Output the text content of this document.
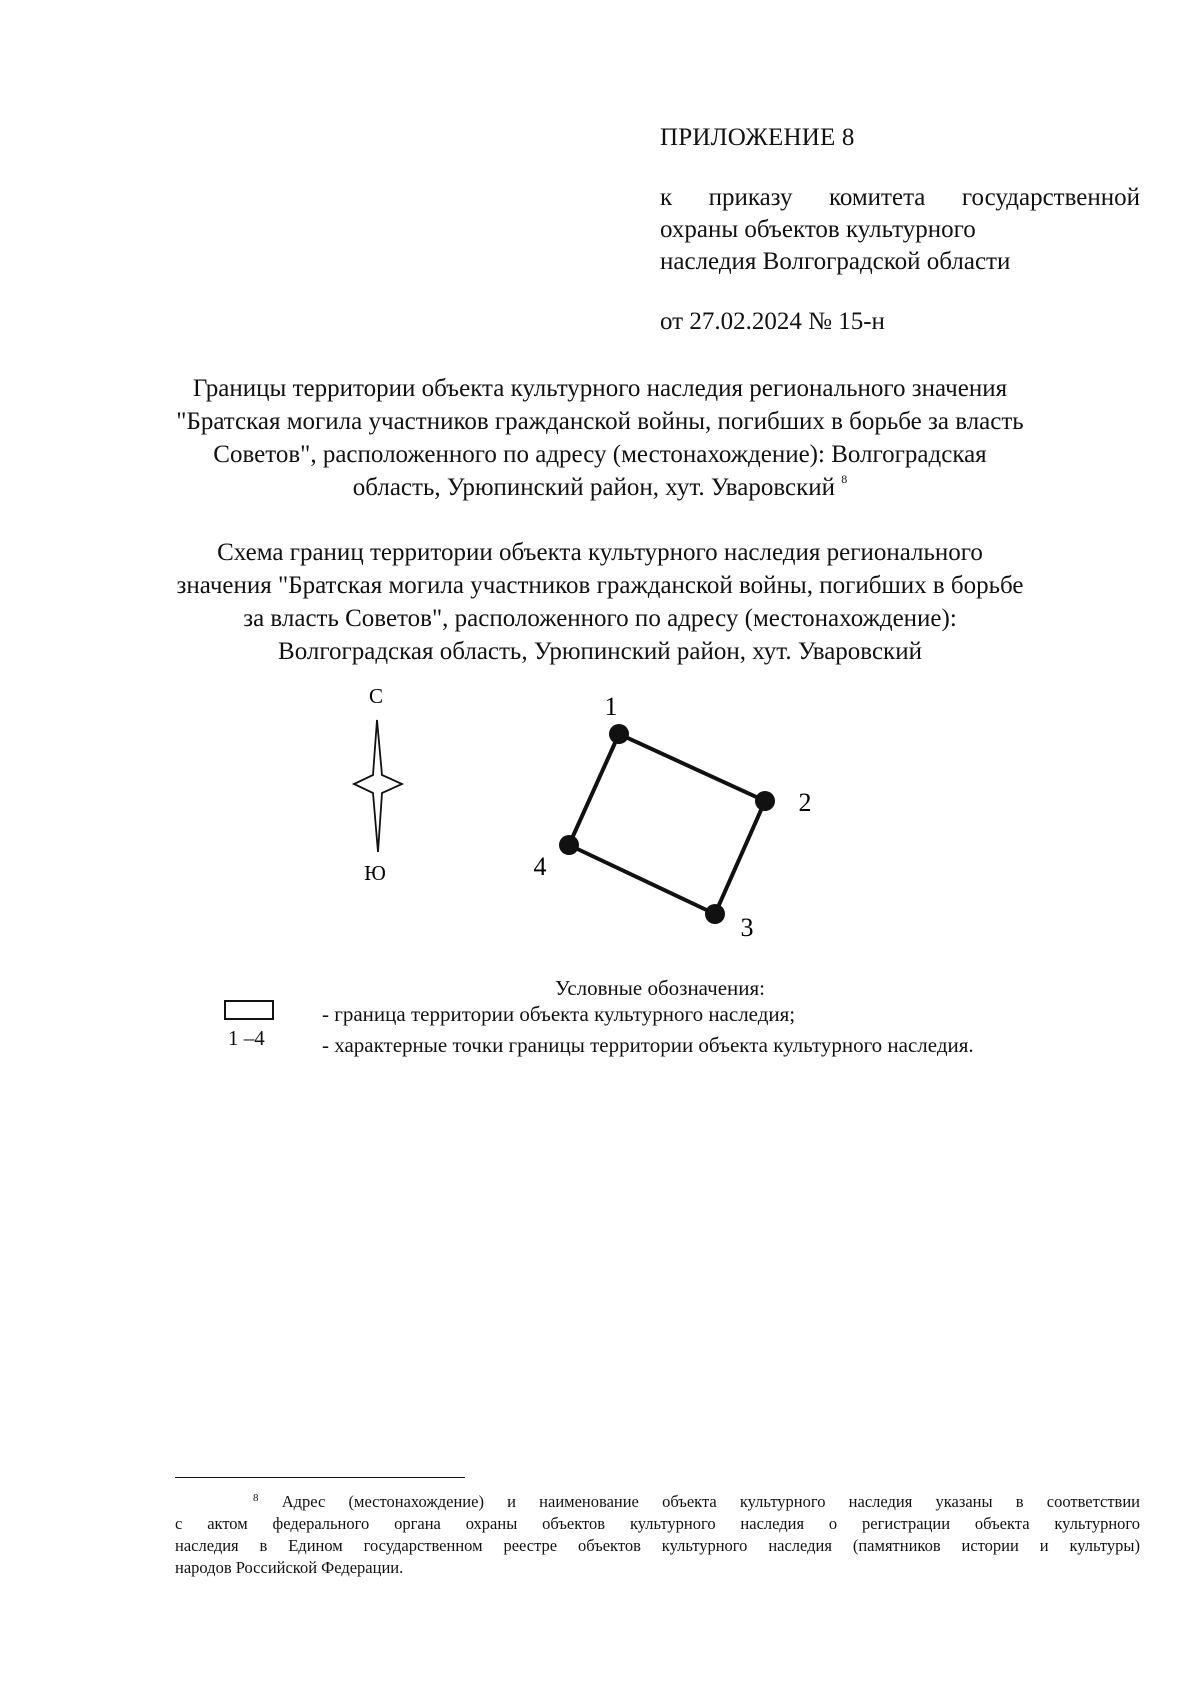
ПРИЛОЖЕНИЕ 8
к приказу комитета государственной
охраны объектов культурного
наследия Волгоградской области
от 27.02.2024 № 15-н
Границы территории объекта культурного наследия регионального значения
"Братская могила участников гражданской войны, погибших в борьбе за власть
Советов", расположенного по адресу (местонахождение): Волгоградская
область, Урюпинский район, хут. Уваровский $^8$
Схема границ территории объекта культурного наследия регионального
значения "Братская могила участников гражданской войны, погибших в борьбе
за власть Советов", расположенного по адресу (местонахождение):
Волгоградская область, Урюпинский район, хут. Уваровский
С
Ю
1
2
3
4
Условные обозначения:
1 –4
- граница территории объекта культурного наследия;
- характерные точки границы территории объекта культурного наследия.
$^8$ Адрес (местонахождение) и наименование объекта культурного наследия указаны в соответствии
с актом федерального органа охраны объектов культурного наследия о регистрации объекта культурного
наследия в Едином государственном реестре объектов культурного наследия (памятников истории и культуры)
народов Российской Федерации.
